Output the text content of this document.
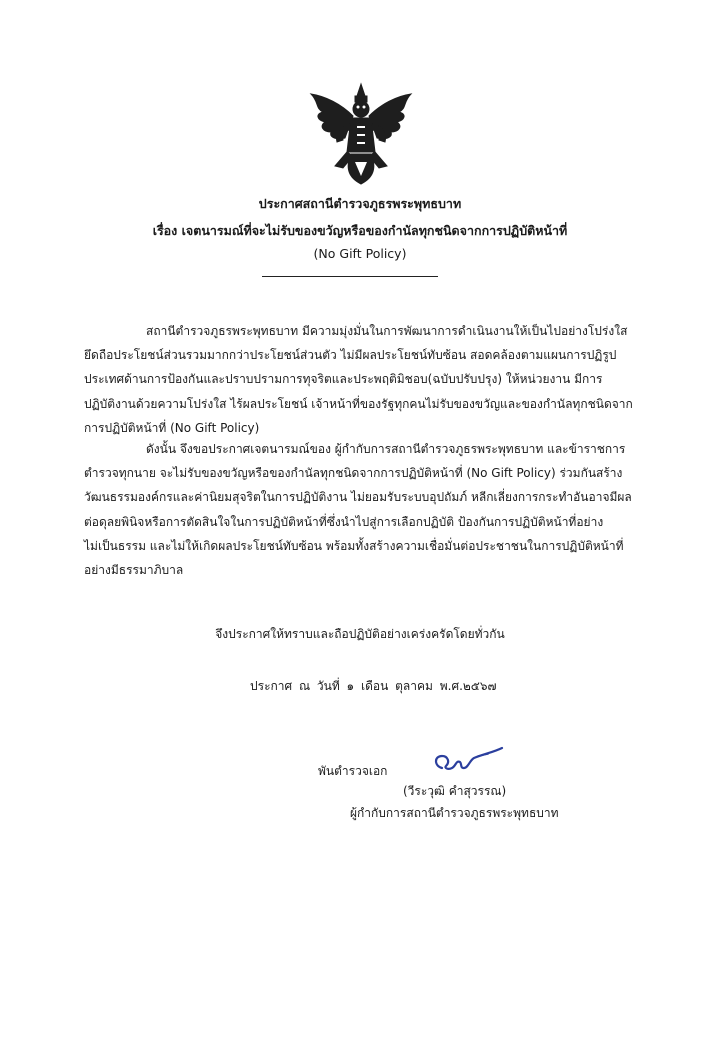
ประกาศสถานีตำรวจภูธรพระพุทธบาท
เรื่อง เจตนารมณ์ที่จะไม่รับของขวัญหรือของกำนัลทุกชนิดจากการปฏิบัติหน้าที่
(No Gift Policy)
สถานีตำรวจภูธรพระพุทธบาท มีความมุ่งมั่นในการพัฒนาการดำเนินงานให้เป็นไปอย่างโปร่งใส
ยึดถือประโยชน์ส่วนรวมมากกว่าประโยชน์ส่วนตัว ไม่มีผลประโยชน์ทับซ้อน สอดคล้องตามแผนการปฏิรูป
ประเทศด้านการป้องกันและปราบปรามการทุจริตและประพฤติมิชอบ(ฉบับปรับปรุง) ให้หน่วยงาน มีการ
ปฏิบัติงานด้วยความโปร่งใส ไร้ผลประโยชน์ เจ้าหน้าที่ของรัฐทุกคนไม่รับของขวัญและของกำนัลทุกชนิดจาก
การปฏิบัติหน้าที่ (No Gift Policy)
ดังนั้น จึงขอประกาศเจตนารมณ์ของ ผู้กำกับการสถานีตำรวจภูธรพระพุทธบาท และข้าราชการ
ตำรวจทุกนาย จะไม่รับของขวัญหรือของกำนัลทุกชนิดจากการปฏิบัติหน้าที่ (No Gift Policy) ร่วมกันสร้าง
วัฒนธรรมองค์กรและค่านิยมสุจริตในการปฏิบัติงาน ไม่ยอมรับระบบอุปถัมภ์ หลีกเลี่ยงการกระทำอันอาจมีผล
ต่อดุลยพินิจหรือการตัดสินใจในการปฏิบัติหน้าที่ซึ่งนำไปสู่การเลือกปฏิบัติ ป้องกันการปฏิบัติหน้าที่อย่าง
ไม่เป็นธรรม และไม่ให้เกิดผลประโยชน์ทับซ้อน พร้อมทั้งสร้างความเชื่อมั่นต่อประชาชนในการปฏิบัติหน้าที่
อย่างมีธรรมาภิบาล
จึงประกาศให้ทราบและถือปฏิบัติอย่างเคร่งครัดโดยทั่วกัน
ประกาศ ณ วันที่ ๑ เดือน ตุลาคม พ.ศ.๒๕๖๗
พันตำรวจเอก
(วีระวุฒิ คำสุวรรณ)
ผู้กำกับการสถานีตำรวจภูธรพระพุทธบาท
